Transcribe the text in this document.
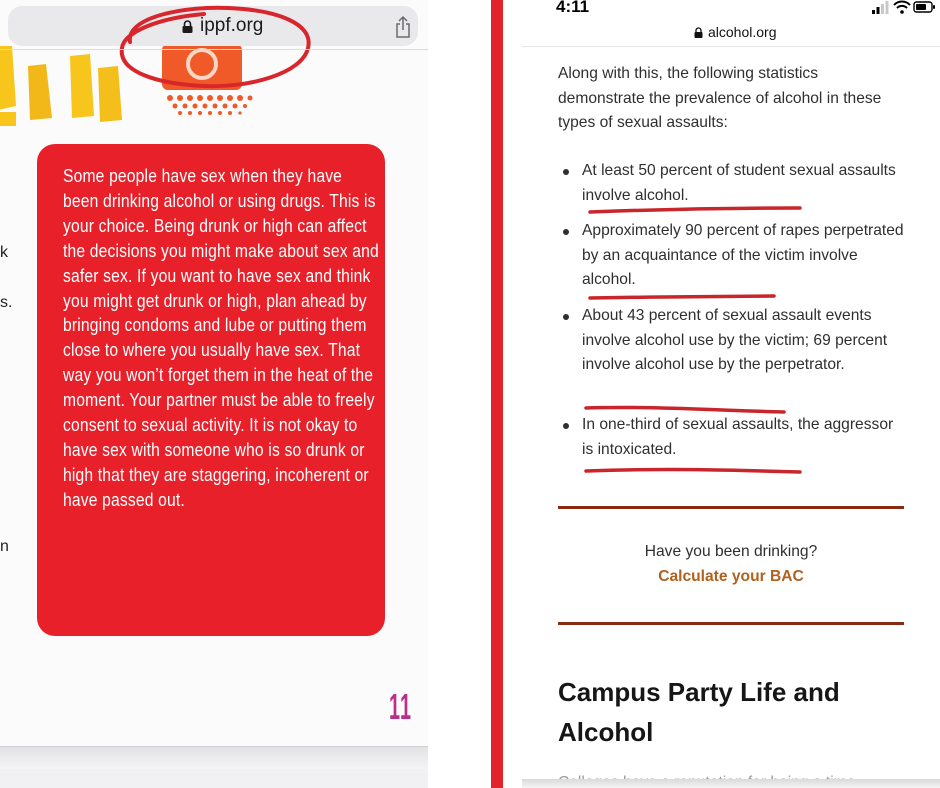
ippf.org
k
s.
n

Some people have sex when they have been drinking alcohol or using drugs. This is your choice. Being drunk or high can affect the decisions you might make about sex and safer sex. If you want to have sex and think you might get drunk or high, plan ahead by bringing condoms and lube or putting them close to where you usually have sex. That way you won’t forget them in the heat of the moment. Your partner must be able to freely consent to sexual activity. It is not okay to have sex with someone who is so drunk or high that they are staggering, incoherent or have passed out.

11
4:11
alcohol.org

Along with this, the following statistics demonstrate the prevalence of alcohol in these types of sexual assaults:

At least 50 percent of student sexual assaults involve alcohol.
Approximately 90 percent of rapes perpetrated by an acquaintance of the victim involve alcohol.
About 43 percent of sexual assault events involve alcohol use by the victim; 69 percent involve alcohol use by the perpetrator.
In one-third of sexual assaults, the aggressor is intoxicated.

Have you been drinking?

Calculate your BAC
Campus Party Life and Alcohol
